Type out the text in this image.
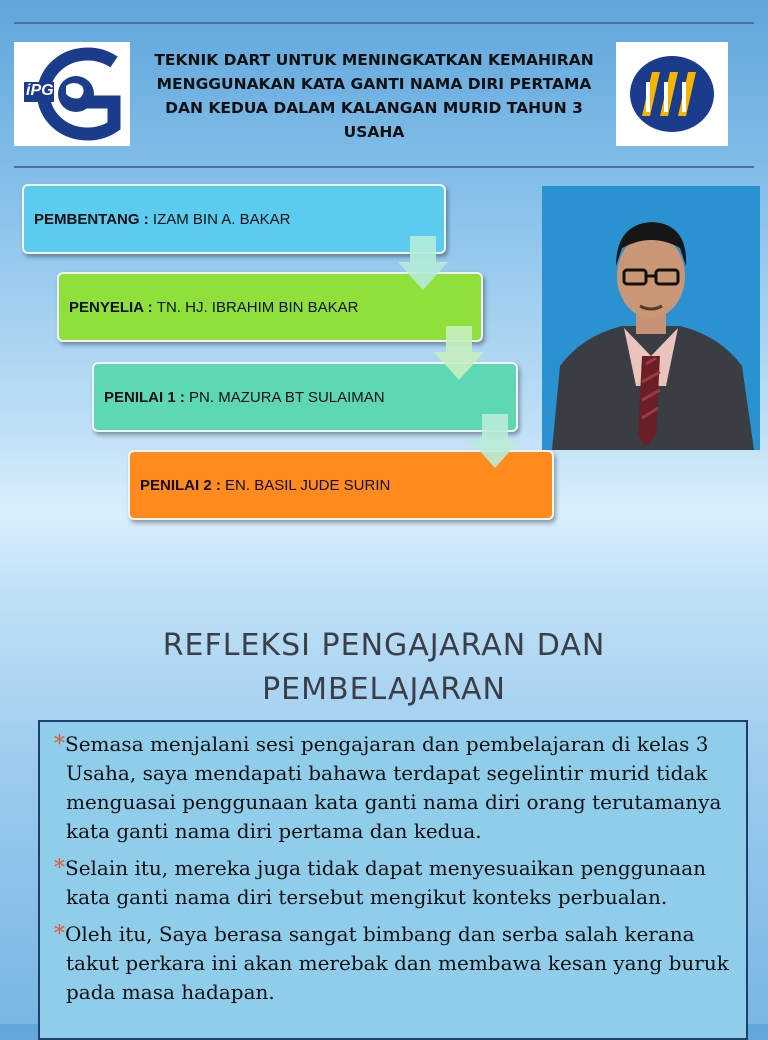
iPG
TEKNIK DART UNTUK MENINGKATKAN KEMAHIRAN MENGGUNAKAN KATA GANTI NAMA DIRI PERTAMA DAN KEDUA DALAM KALANGAN MURID TAHUN 3 USAHA
PEMBENTANG :
IZAM BIN A. BAKAR
PENYELIA :
TN. HJ. IBRAHIM BIN BAKAR
PENILAI 1 :
PN. MAZURA BT SULAIMAN
PENILAI 2 :
EN. BASIL JUDE SURIN
REFLEKSI PENGAJARAN DAN PEMBELAJARAN

*Semasa menjalani sesi pengajaran dan pembelajaran di kelas 3 Usaha, saya mendapati bahawa terdapat segelintir murid tidak menguasai penggunaan kata ganti nama diri orang terutamanya kata ganti nama diri pertama dan kedua.

*Selain itu, mereka juga tidak dapat menyesuaikan penggunaan kata ganti nama diri tersebut mengikut konteks perbualan.

*Oleh itu, Saya berasa sangat bimbang dan serba salah kerana takut perkara ini akan merebak dan membawa kesan yang buruk pada masa hadapan.
